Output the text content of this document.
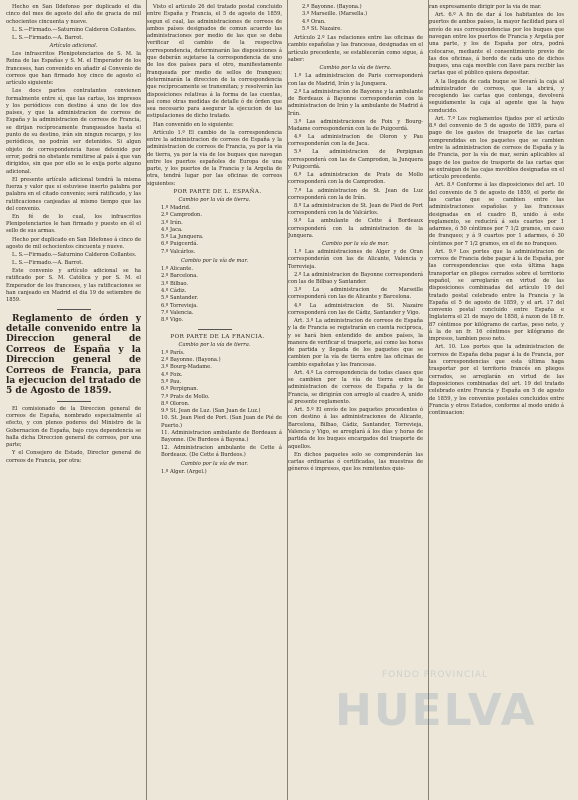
Hecho en San Ildefonso por duplicado el dia cinco del mes de agosto del año de gracia de mil ochocientos cincuenta y nueve.

L. S.—Firmado.—Saturnino Calderon Collantes.

L. S.—Firmado.—A. Barrot.

Artículo adicional.

Los infrascritos Plenipotenciarios de S. M. la Reina de las Españas y S. M. el Emperador de los franceses, han convenido en añadir al Convenio de correos que han firmado hoy cinco de agosto el artículo siguiente:

Los docs partes contratantes convienen formalmente entre sí, que las cartas, los impresos y los periódicos con destino á uno de los dos países, y que la administracion de correos de España y la administracion de correos de Francia, se dirijan recíprocamente franqueados hasta el punto de su destino, irán sin ningun recargo, y los periódicos, no podrán ser detenidos. Si algun objeto de correspondencia fuese detenido por error, podrá no obstante remitirse al país á que van dirigidos, sin que por ello se le exija porte alguno adicional.

El presente artículo adicional tendrá la misma fuerza y valor que si estuviese inserto palabra por palabra en el citado convenio; será ratificado, y las ratificaciones canjeadas al mismo tiempo que las del convenio.

En fé de lo cual, los infrascritos Plenipotenciarios le han firmado y puesto en él el sello de sus armas.

Hecho por duplicado en San Ildefonso á cinco de agosto de mil ochocientos cincuenta y nueve.

L. S.—Firmado.—Saturnino Calderon Collantes.

L. S.—Firmado.—A. Barrot.

Este convenio y artículo adicional se ha ratificado por S. M. Católica y por S. M. el Emperador de los franceses, y las ratificaciones se han canjeado en Madrid el dia 19 de setiembre de 1859.

Reglamento de órden y detalle convenido entre la Direccion general de Correos de España y la Direccion general de Correos de Francia, para la ejecucion del tratado de 5 de Agosto de 1859.

El comisionado de la Direccion general de correos de España, nombrado especialmente al efecto, y con plenos poderes del Ministro de la Gobernacion de España, bajo cuya dependencia se halla dicha Direccion general de correos, por una parte;

Y el Consejero de Estado, Director general de correos de Francia, por otra:

Visto el artículo 26 del tratado postal concluido entre España y Francia, el 5 de agosto de 1859, segun el cual, las administraciones de correos de ambos países designados de comun acuerdo las administraciones por medio de las que se deba verificar el cambio de la respectiva correspondencia, determinarán las disposiciones á que deberán sujetarse la correspondencia de uno de los dos países para el otro, manifiestamente franqueada por medio de sellos de franqueo; determinarán la direccion de la correspondencia que recíprocamente se transmitan; y resolverán las disposiciones relativas á la forma de las cuentas, así como otras medidas de detalle ó de órden que sea necesario para asegurar la ejecucion de las estipulaciones de dicho tratado.

Han convenido en lo siguiente:

Artículo 1.º El cambio de la correspondencia entre la administracion de correos de España y la administracion de correos de Francia, ya por la via de tierra, ya por la via de los buques que navegan entre los puertos españoles de Europa de una parte, y los puertos de la Francia y la Argelia de otra, tendrá lugar por las oficinas de correos siguientes:

POR PARTE DE L. ESPAÑA.

Cambio por la vía de tierra.

1.º Madrid.
2.º Camprodon.
3.º Irún.
4.º Jaca.
5.º La Junquera.
6.º Puigcerdá.
7.º Valcárlos.

Cambio por la vía de mar.

1.º Alicante.
2.º Barcelona.
3.º Bilbao.
4.º Cádiz.
5.º Santander.
6.º Torrevieja.
7.º Valencia.
8.º Vigo.

POR PARTE DE LA FRANCIA.

Cambio por la vía de tierra.

1.º París.
2.º Bayonne. (Bayona.)
3.º Bourg-Madame.
4.º Foix.
5.º Pau.
6.º Perpignan.
7.º Prats de Mollo.
8.º Oloron.
9.º St. Jean de Luz. (San Juan de Luz.)
10. St. Jean Pied de Port. (San Juan de Pié de Puerto.)
11. Administracion ambulante de Bordeaux á Bayonne. (De Burdeos á Bayona.)
12. Administracion ambulante de Cette á Bordeaux. (De Cette á Burdeos.)

Cambio por la vía de mar.

1.º Alger. (Argel.)
2.º Bayonne. (Bayona.)
3.º Marseille. (Marsella.)
4.º Oran.
5.º St. Nazaire.

Artículo 2.º Las relaciones entre las oficinas de cambio españolas y las francesas, designadas en el artículo precedente, se establecerán como sigue, á saber:

Cambio por la vía de tierra.

1.º La administracion de Paris corresponderá con las de Madrid, Irún y la Junquera.

2.º La administracion de Bayonne y la ambulante de Bordeaux á Bayonne corresponderán con la administracion de Irún y la ambulante de Madrid á Irún.

3.º Las administraciones de Foix y Bourg-Madame corresponderán con la de Puigcerdá.

4.º La administracion de Oloron y Pau corresponderán con la de Jaca.

5.º La administracion de Perpignan corresponderá con las de Camprodon, la Junquera y Puigcerdá.

6.º La administracion de Prats de Mollo corresponderá con la de Camprodon.

7.º La administracion de St. Jean de Luz corresponderá con la de Irún.

8.º La administracion de St. Jean de Pied de Port corresponderá con la de Valcárlos.

9.º La ambulante de Cette á Bordeaux corresponderá con la administracion de la Junquera.

Cambio por la vía de mar.

1.º Las administraciones de Alger y de Oran corresponderán con las de Alicante, Valencia y Torrevieja.

2.º La administracion de Bayonne corresponderá con las de Bilbao y Santander.

3.º La administracion de Marseille corresponderá con las de Alicante y Barcelona.

4.º La administracion de St. Nazaire corresponderá con las de Cádiz, Santander y Vigo.

Art. 3.º La administracion de correos de España y la de Francia se registrarán en cuenta recíproca, y se hará bien entendido de ambos países, la manera de verificar el trasporte, así como las horas de partida y llegada de los paquetes que se cambien por la vía de tierra entre las oficinas de cambio españolas y las francesas.

Art. 4.º La correspondencia de todas clases que se cambien por la vía de tierra entre la administracion de correos de España y la de Francia, se dirigirán con arreglo al cuadro A, unido al presente reglamento.

Art. 5.º El envío de los paquetes procedentes ó con destino á las administraciones de Alicante, Barcelona, Bilbao, Cádiz, Santander, Torrevieja, Valencia y Vigo, se arreglará á los días y horas de partida de los buques encargados del trasporte de aquellos.

En dichos paquetes solo se comprenderán las cartas ordinarias ó certificadas, las muestras de géneros é impresos, que los remitentes quie-

ran expresamente dirigir por la vía de mar.

Art. 6.º A fin de dar á los habitantes de los puertos de ambos países, la mayor facilidad para el envío de sus correspondencias por los buques que navegan entre los puertos de Francia y Argelia por una parte, y los de España por otra, podrá colocarse, mediante el consentimiento previo de las dos oficinas, á bordo de cada uno de dichos buques, una caja movible con llave para recibir las cartas que el público quiera depositar.

A la llegada de cada buque se llevará la caja al administrador de correos, que la abrirá, y recogiendo las cartas que contenga, devolverá seguidamente la caja al agente que la haya conducido.

Art. 7.º Los reglamentos fijados por el artículo 8.º del convenio de 5 de agosto de 1859, para el pago de los gastos de trasporte de las cartas comprendidas en los paquetes que se cambien entre la administracion de correos de España y la de Francia, por la vía de mar, serán aplicables al pago de los gastos de trasporte de las cartas que se extraigan de las cajas movibles designadas en el artículo precedente.

Art. 8.º Conforme á las disposiciones del art. 10 del convenio de 5 de agosto de 1859, el porte de las cartas que se cambien entre las administraciones españolas y las francesas designadas en el cuadro B, unido á este reglamento, se reducirá á seis cuartos por 1 adarmes, ó 50 céntimos por 7 1/2 gramos, en caso de franqueo; y á 9 cuartos por 1 adarmes, ó 30 céntimos por 7 1/2 gramos, en el de no franqueo.

Art. 9.º Los portes que la administracion de correos de Francia debe pagar á la de España, por las correspondencias que esta última haga transportar en pliegos cerrados sobre el territorio español, se arreglarán en virtud de las disposiciones combinadas del artículo 19 del tratado postal celebrado entre la Francia y la España el 5 de agosto de 1859, y el art. 17 del convenio postal concluido entre España e Inglaterra el 21 de mayo de 1858, á razon de 18 fr. 87 céntimos por kilógramo de cartas, peso neto, y á la de un fr. 16 céntimos por kilógramo de impresos, tambien peso neto.

Art. 10. Los portes que la administracion de correos de España deba pagar á la de Francia, por las correspondencias que esta última haga trasportar por el territorio francés en pliegos cerrados, se arreglarán en virtud de las disposiciones combinadas del art. 19 del tratado celebrado entre Francia y España en 5 de agosto de 1859, y los convenios postales concluidos entre Francia y otros Estados, conforme al modo unido á continuacion:

FONDO PROVINCIAL
HUELVA
